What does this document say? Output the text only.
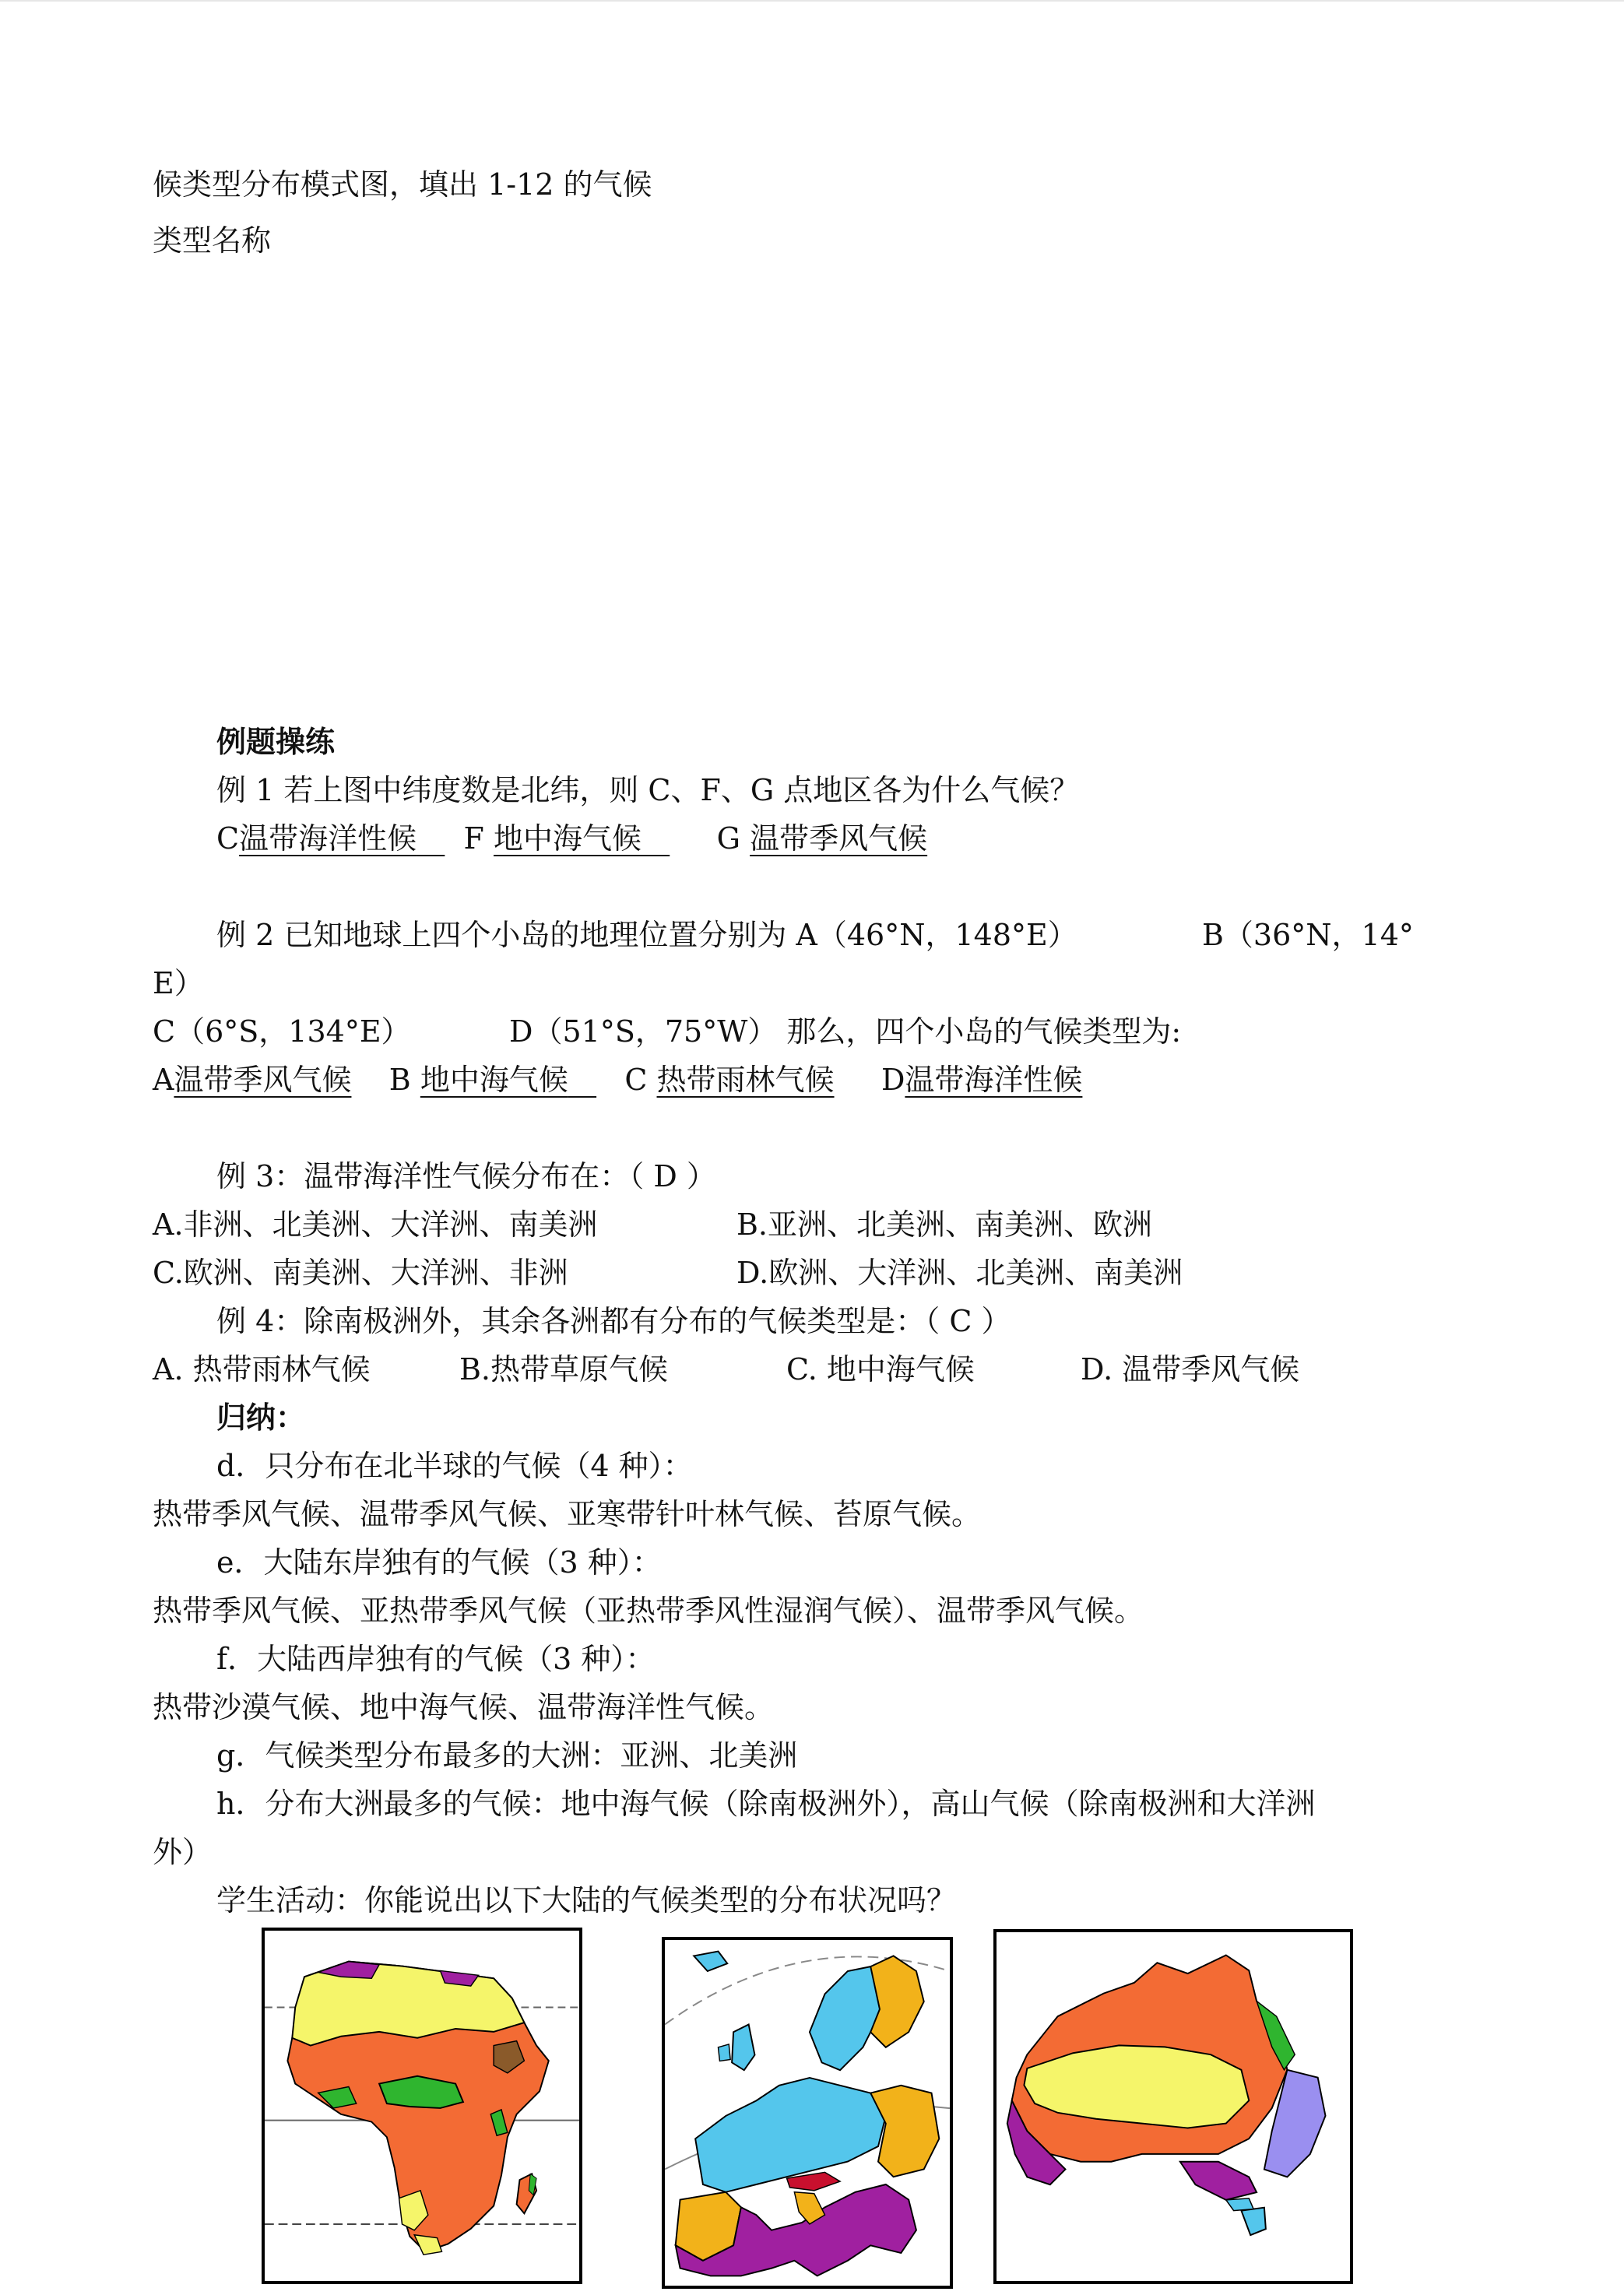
候类型分布模式图，填出 1-12 的气候
类型名称
例题操练
例 1 若上图中纬度数是北纬，则 C、F、G 点地区各为什么气候？
C温带海洋性候 F 地中海气候	G 温带季风气候
例 2 已知地球上四个小岛的地理位置分别为 A（46°N，148°E）	B（36°N，14°
E）
C（6°S，134°E）	D（51°S，75°W） 那么，四个小岛的气候类型为:
A温带季风气候 B 地中海气候 C 热带雨林气候 D温带海洋性候
例 3：温带海洋性气候分布在：（ D ）
A.非洲、北美洲、大洋洲、南美洲	B.亚洲、北美洲、南美洲、欧洲
C.欧洲、南美洲、大洋洲、非洲	D.欧洲、大洋洲、北美洲、南美洲
例 4：除南极洲外，其余各洲都有分布的气候类型是：（ C ）
A. 热带雨林气候	B.热带草原气候	C. 地中海气候	D. 温带季风气候
归纳：
d．只分布在北半球的气候（4 种）：
热带季风气候、温带季风气候、亚寒带针叶林气候、苔原气候。
e．大陆东岸独有的气候（3 种）：
热带季风气候、亚热带季风气候（亚热带季风性湿润气候）、温带季风气候。
f．大陆西岸独有的气候（3 种）：
热带沙漠气候、地中海气候、温带海洋性气候。
g．气候类型分布最多的大洲：亚洲、北美洲
h．分布大洲最多的气候：地中海气候（除南极洲外），高山气候（除南极洲和大洋洲
外）
学生活动：你能说出以下大陆的气候类型的分布状况吗？
